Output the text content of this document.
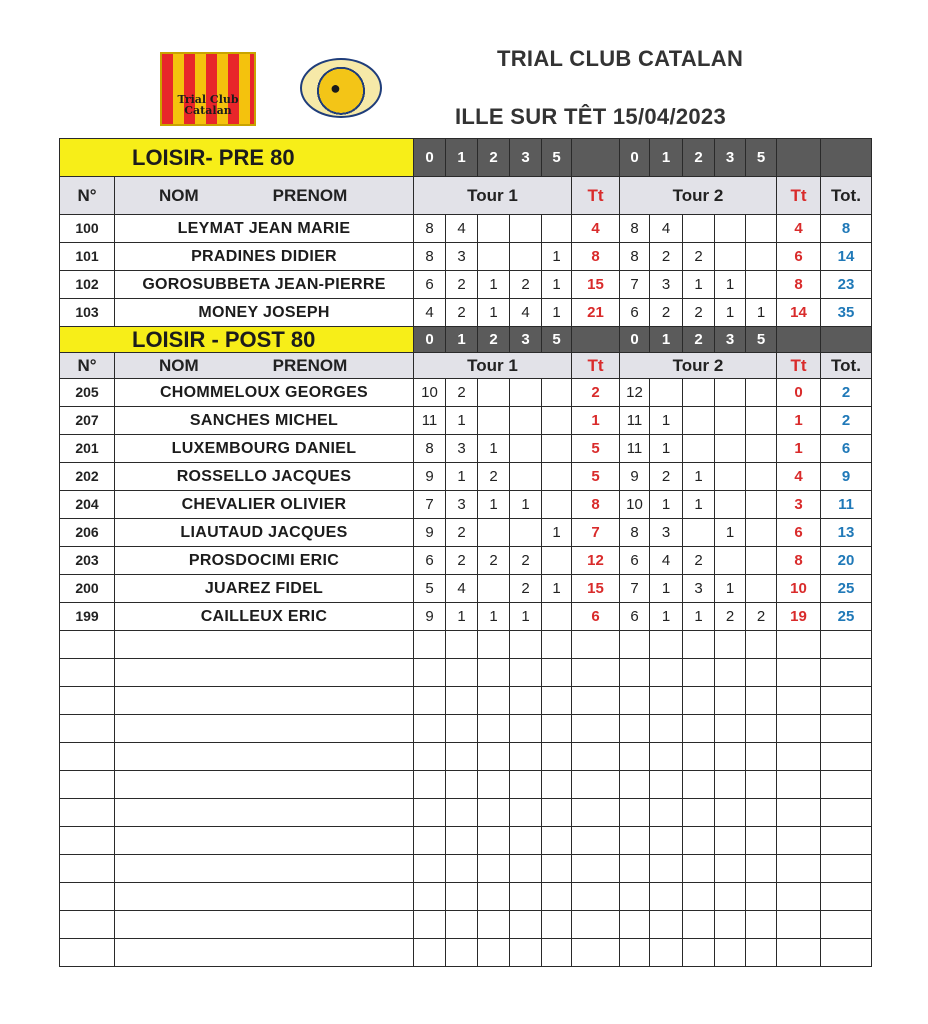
Trial Club
Catalan
●
TRIAL CLUB CATALAN
ILLE SUR TÊT 15/04/2023
LOISIR- PRE 80		0	1	2	3	5		0	1	2	3	5		
N°	NOM PRENOM	Tour 1					Tt	Tour 2					Tt	Tot.
100	LEYMAT JEAN MARIE	8	4				4	8	4				4	8
101	PRADINES DIDIER	8	3			1	8	8	2	2			6	14
102	GOROSUBBETA JEAN-PIERRE	6	2	1	2	1	15	7	3	1	1		8	23
103	MONEY JOSEPH	4	2	1	4	1	21	6	2	2	1	1	14	35
LOISIR - POST 80		0	1	2	3	5		0	1	2	3	5		
N°	NOM PRENOM	Tour 1					Tt	Tour 2					Tt	Tot.
205	CHOMMELOUX GEORGES	10	2				2	12					0	2
207	SANCHES MICHEL	11	1				1	11	1				1	2
201	LUXEMBOURG DANIEL	8	3	1			5	11	1				1	6
202	ROSSELLO JACQUES	9	1	2			5	9	2	1			4	9
204	CHEVALIER OLIVIER	7	3	1	1		8	10	1	1			3	11
206	LIAUTAUD JACQUES	9	2			1	7	8	3		1		6	13
203	PROSDOCIMI ERIC	6	2	2	2		12	6	4	2			8	20
200	JUAREZ FIDEL	5	4		2	1	15	7	1	3	1		10	25
199	CAILLEUX ERIC	9	1	1	1		6	6	1	1	2	2	19	25
